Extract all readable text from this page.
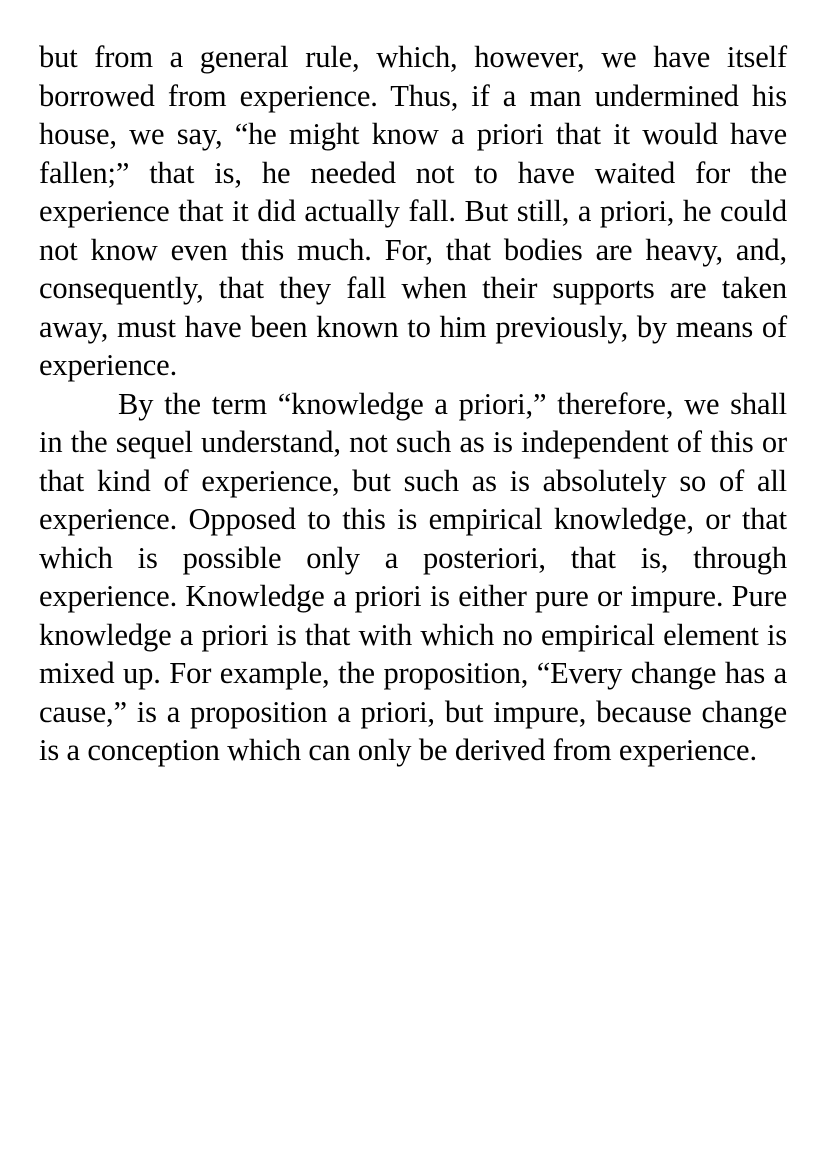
but from a general rule, which, however, we have itself borrowed from experience. Thus, if a man undermined his house, we say, “he might know a priori that it would have fallen;” that is, he needed not to have waited for the experience that it did actually fall. But still, a priori, he could not know even this much. For, that bodies are heavy, and, consequently, that they fall when their supports are taken away, must have been known to him previously, by means of experience.

By the term “knowledge a priori,” therefore, we shall in the sequel understand, not such as is independent of this or that kind of experience, but such as is absolutely so of all experience. Opposed to this is empirical knowledge, or that which is possible only a posteriori, that is, through experience. Knowledge a priori is either pure or impure. Pure knowledge a priori is that with which no empirical element is mixed up. For example, the proposition, “Every change has a cause,” is a proposition a priori, but impure, because change is a conception which can only be derived from experience.
